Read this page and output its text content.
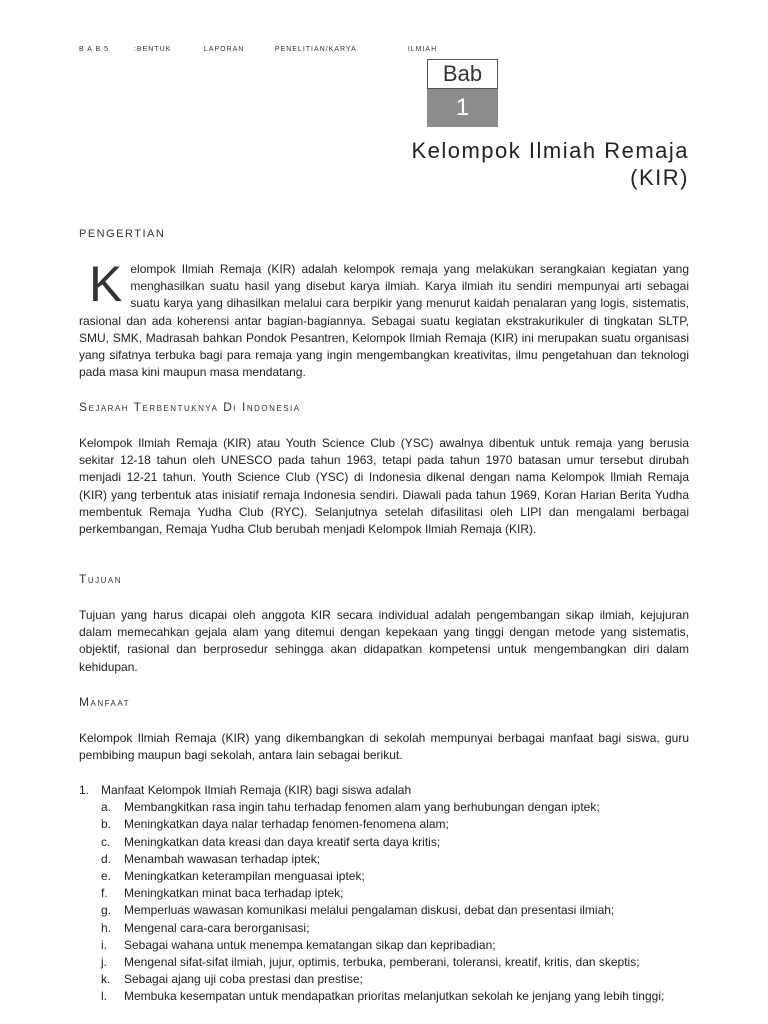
B A B 5	:BENTUK	LAPORAN	PENELITIAN/KARYA	ILMIAH
Bab
1
Kelompok Ilmiah Remaja
(KIR)
PENGERTIAN
K elompok Ilmiah Remaja (KIR) adalah kelompok remaja yang melakukan serangkaian kegiatan yang menghasilkan suatu hasil yang disebut karya ilmiah. Karya ilmiah itu sendiri mempunyai arti sebagai suatu karya yang dihasilkan melalui cara berpikir yang menurut kaidah penalaran yang logis, sistematis, rasional dan ada koherensi antar bagian-bagiannya. Sebagai suatu kegiatan ekstrakurikuler di tingkatan SLTP, SMU, SMK, Madrasah bahkan Pondok Pesantren, Kelompok Ilmiah Remaja (KIR) ini merupakan suatu organisasi yang sifatnya terbuka bagi para remaja yang ingin mengembangkan kreativitas, ilmu pengetahuan dan teknologi pada masa kini maupun masa mendatang.

Sejarah Terbentuknya Di Indonesia

Kelompok Ilmiah Remaja (KIR) atau Youth Science Club (YSC) awalnya dibentuk untuk remaja yang berusia sekitar 12-18 tahun oleh UNESCO pada tahun 1963, tetapi pada tahun 1970 batasan umur tersebut dirubah menjadi 12-21 tahun. Youth Science Club (YSC) di Indonesia dikenal dengan nama Kelompok Ilmiah Remaja (KIR) yang terbentuk atas inisiatif remaja Indonesia sendiri. Diawali pada tahun 1969, Koran Harian Berita Yudha membentuk Remaja Yudha Club (RYC). Selanjutnya setelah difasilitasi oleh LIPI dan mengalami berbagai perkembangan, Remaja Yudha Club berubah menjadi Kelompok Ilmiah Remaja (KIR).

Tujuan

Tujuan yang harus dicapai oleh anggota KIR secara individual adalah pengembangan sikap ilmiah, kejujuran dalam memecahkan gejala alam yang ditemui dengan kepekaan yang tinggi dengan metode yang sistematis, objektif, rasional dan berprosedur sehingga akan didapatkan kompetensi untuk mengembangkan diri dalam kehidupan.

Manfaat

Kelompok Ilmiah Remaja (KIR) yang dikembangkan di sekolah mempunyai berbagai manfaat bagi siswa, guru pembibing maupun bagi sekolah, antara lain sebagai berikut.

1. Manfaat Kelompok Ilmiah Remaja (KIR) bagi siswa adalah
a.	Membangkitkan rasa ingin tahu terhadap fenomen alam yang berhubungan dengan iptek;
b.	Meningkatkan daya nalar terhadap fenomen-fenomena alam;
c.	Meningkatkan data kreasi dan daya kreatif serta daya kritis;
d.	Menambah wawasan terhadap iptek;
e.	Meningkatkan keterampilan menguasai iptek;
f.	Meningkatkan minat baca terhadap iptek;
g.	Memperluas wawasan komunikasi melalui pengalaman diskusi, debat dan presentasi ilmiah;
h.	Mengenal cara-cara berorganisasi;
i.	Sebagai wahana untuk menempa kematangan sikap dan kepribadian;
j.	Mengenal sifat-sifat ilmiah, jujur, optimis, terbuka, pemberani, toleransi, kreatif, kritis, dan skeptis;
k.	Sebagai ajang uji coba prestasi dan prestise;
l.	Membuka kesempatan untuk mendapatkan prioritas melanjutkan sekolah ke jenjang yang lebih tinggi;
